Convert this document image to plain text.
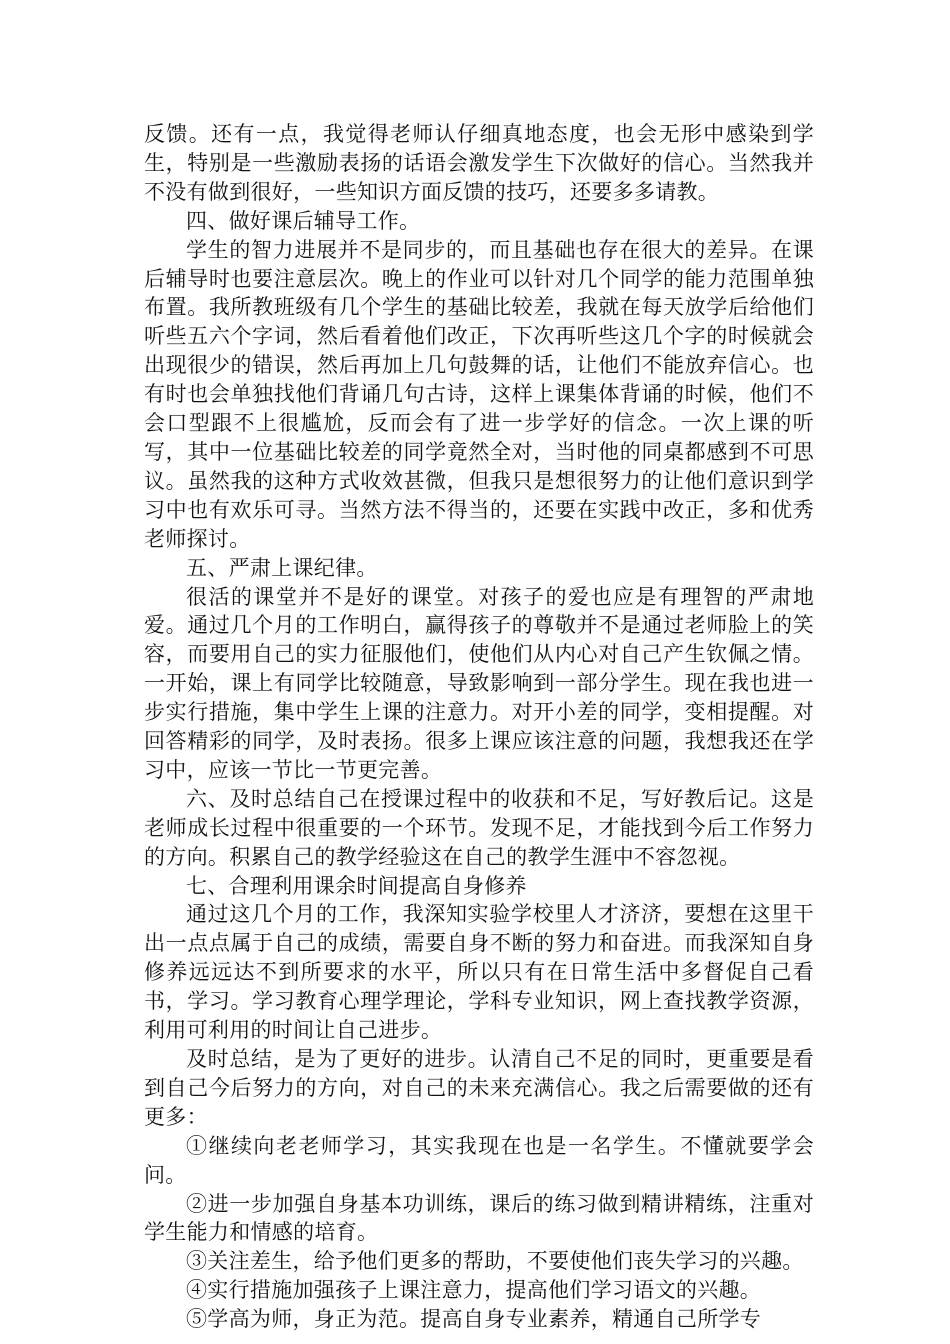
反馈。还有一点，我觉得老师认仔细真地态度，也会无形中感染到学生，特别是一些激励表扬的话语会激发学生下次做好的信心。当然我并不没有做到很好，一些知识方面反馈的技巧，还要多多请教。

四、做好课后辅导工作。

学生的智力进展并不是同步的，而且基础也存在很大的差异。在课后辅导时也要注意层次。晚上的作业可以针对几个同学的能力范围单独布置。我所教班级有几个学生的基础比较差，我就在每天放学后给他们听些五六个字词，然后看着他们改正，下次再听些这几个字的时候就会出现很少的错误，然后再加上几句鼓舞的话，让他们不能放弃信心。也有时也会单独找他们背诵几句古诗，这样上课集体背诵的时候，他们不会口型跟不上很尴尬，反而会有了进一步学好的信念。一次上课的听写，其中一位基础比较差的同学竟然全对，当时他的同桌都感到不可思议。虽然我的这种方式收效甚微，但我只是想很努力的让他们意识到学习中也有欢乐可寻。当然方法不得当的，还要在实践中改正，多和优秀老师探讨。

五、严肃上课纪律。

很活的课堂并不是好的课堂。对孩子的爱也应是有理智的严肃地爱。通过几个月的工作明白，赢得孩子的尊敬并不是通过老师脸上的笑容，而要用自己的实力征服他们，使他们从内心对自己产生钦佩之情。一开始，课上有同学比较随意，导致影响到一部分学生。现在我也进一步实行措施，集中学生上课的注意力。对开小差的同学，变相提醒。对回答精彩的同学，及时表扬。很多上课应该注意的问题，我想我还在学习中，应该一节比一节更完善。

六、及时总结自己在授课过程中的收获和不足，写好教后记。这是老师成长过程中很重要的一个环节。发现不足，才能找到今后工作努力的方向。积累自己的教学经验这在自己的教学生涯中不容忽视。

七、合理利用课余时间提高自身修养

通过这几个月的工作，我深知实验学校里人才济济，要想在这里干出一点点属于自己的成绩，需要自身不断的努力和奋进。而我深知自身修养远远达不到所要求的水平，所以只有在日常生活中多督促自己看书，学习。学习教育心理学理论，学科专业知识，网上查找教学资源，利用可利用的时间让自己进步。

及时总结，是为了更好的进步。认清自己不足的同时，更重要是看到自己今后努力的方向，对自己的未来充满信心。我之后需要做的还有更多：

①继续向老老师学习，其实我现在也是一名学生。不懂就要学会问。

②进一步加强自身基本功训练，课后的练习做到精讲精练，注重对学生能力和情感的培育。

③关注差生，给予他们更多的帮助，不要使他们丧失学习的兴趣。

④实行措施加强孩子上课注意力，提高他们学习语文的兴趣。

⑤学高为师，身正为范。提高自身专业素养，精通自己所学专
